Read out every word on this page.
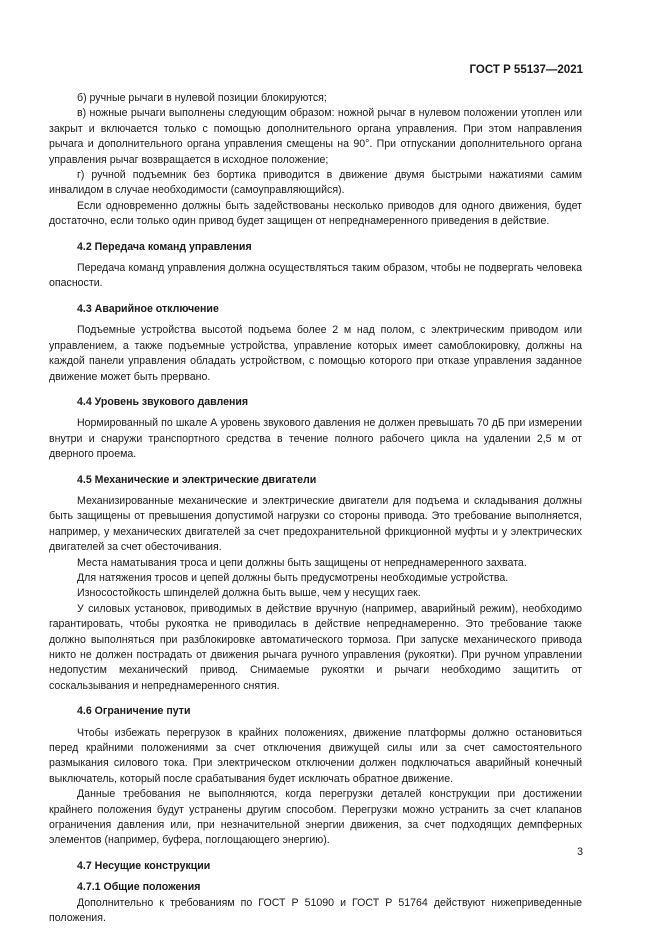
ГОСТ Р 55137—2021

б) ручные рычаги в нулевой позиции блокируются;

в) ножные рычаги выполнены следующим образом: ножной рычаг в нулевом положении утоплен или закрыт и включается только с помощью дополнительного органа управления. При этом направления рычага и дополнительного органа управления смещены на 90°. При отпускании дополнительного органа управления рычаг возвращается в исходное положение;

г) ручной подъемник без бортика приводится в движение двумя быстрыми нажатиями самим инвалидом в случае необходимости (самоуправляющийся).

Если одновременно должны быть задействованы несколько приводов для одного движения, будет достаточно, если только один привод будет защищен от непреднамеренного приведения в действие.

4.2 Передача команд управления

Передача команд управления должна осуществляться таким образом, чтобы не подвергать человека опасности.

4.3 Аварийное отключение

Подъемные устройства высотой подъема более 2 м над полом, с электрическим приводом или управлением, а также подъемные устройства, управление которых имеет самоблокировку, должны на каждой панели управления обладать устройством, с помощью которого при отказе управления заданное движение может быть прервано.

4.4 Уровень звукового давления

Нормированный по шкале А уровень звукового давления не должен превышать 70 дБ при измерении внутри и снаружи транспортного средства в течение полного рабочего цикла на удалении 2,5 м от дверного проема.

4.5 Механические и электрические двигатели

Механизированные механические и электрические двигатели для подъема и складывания должны быть защищены от превышения допустимой нагрузки со стороны привода. Это требование выполняется, например, у механических двигателей за счет предохранительной фрикционной муфты и у электрических двигателей за счет обесточивания.

Места наматывания троса и цепи должны быть защищены от непреднамеренного захвата.

Для натяжения тросов и цепей должны быть предусмотрены необходимые устройства.

Износостойкость шпинделей должна быть выше, чем у несущих гаек.

У силовых установок, приводимых в действие вручную (например, аварийный режим), необходимо гарантировать, чтобы рукоятка не приводилась в действие непреднамеренно. Это требование также должно выполняться при разблокировке автоматического тормоза. При запуске механического привода никто не должен пострадать от движения рычага ручного управления (рукоятки). При ручном управлении недопустим механический привод. Снимаемые рукоятки и рычаги необходимо защитить от соскальзывания и непреднамеренного снятия.

4.6 Ограничение пути

Чтобы избежать перегрузок в крайних положениях, движение платформы должно остановиться перед крайними положениями за счет отключения движущей силы или за счет самостоятельного размыкания силового тока. При электрическом отключении должен подключаться аварийный конечный выключатель, который после срабатывания будет исключать обратное движение.

Данные требования не выполняются, когда перегрузки деталей конструкции при достижении крайнего положения будут устранены другим способом. Перегрузки можно устранить за счет клапанов ограничения давления или, при незначительной энергии движения, за счет подходящих демпферных элементов (например, буфера, поглощающего энергию).

4.7 Несущие конструкции

4.7.1 Общие положения

Дополнительно к требованиям по ГОСТ Р 51090 и ГОСТ Р 51764 действуют нижеприведенные положения.

3
